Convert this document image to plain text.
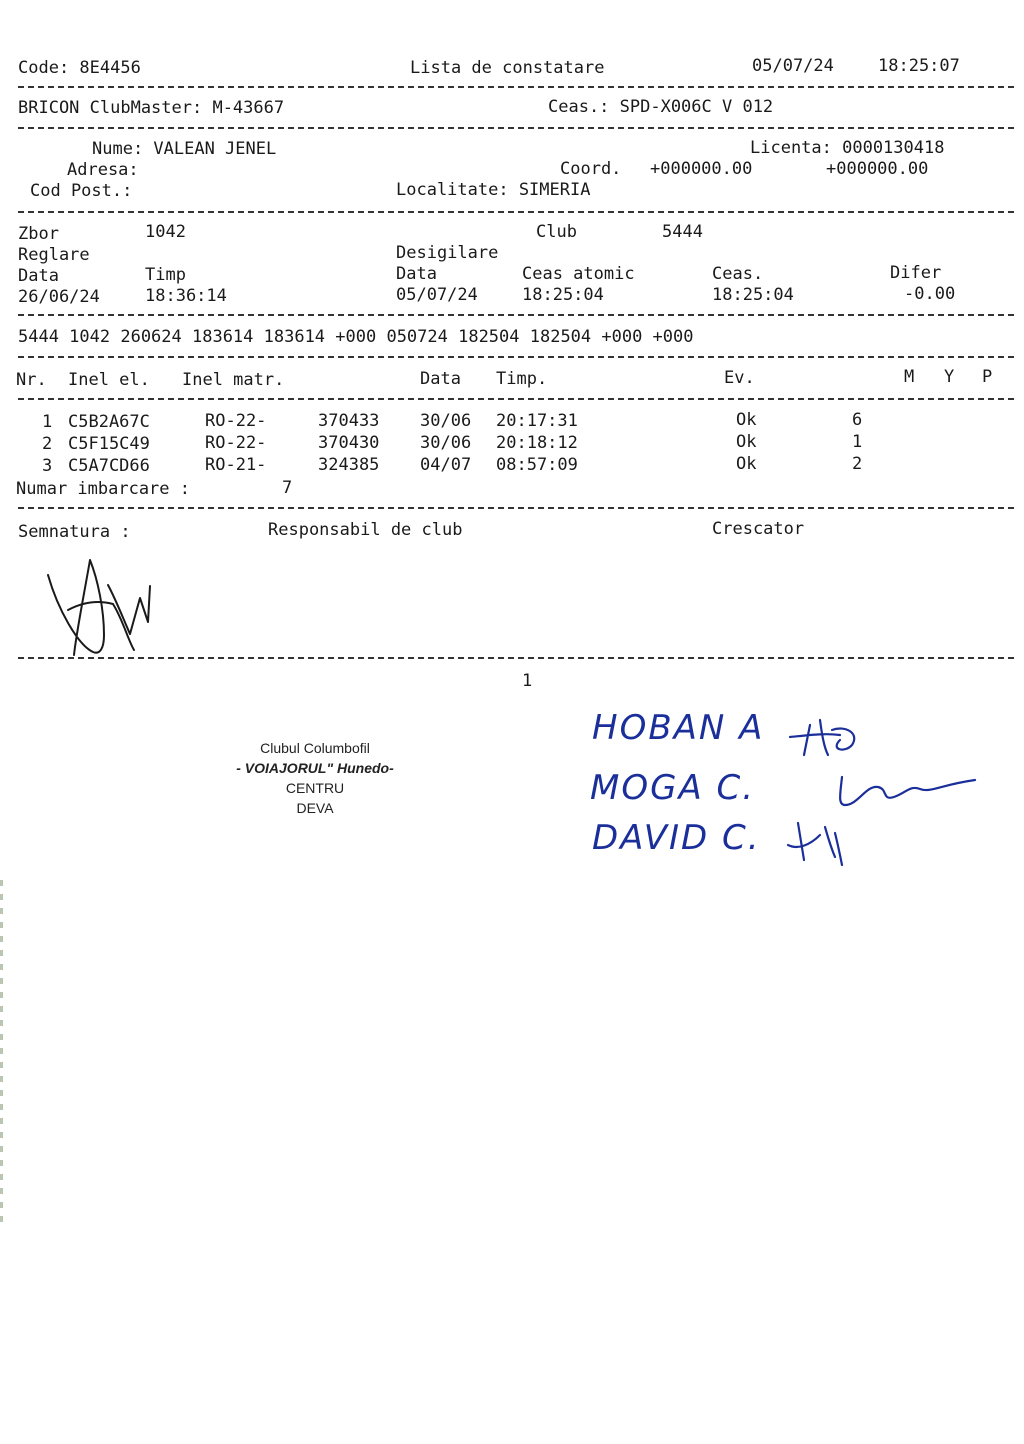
Code: 8E4456	Lista de constatare	05/07/24	18:25:07
BRICON ClubMaster: M-43667	Ceas.: SPD-X006C V 012
Nume: VALEAN JENEL	Licenta: 0000130418
Adresa:	Coord. +000000.00	+000000.00
Cod Post.:	Localitate: SIMERIA
Zbor	1042	Club	5444
Reglare	Desigilare
Data	Timp	Data	Ceas atomic	Ceas.	Difer
26/06/24	18:36:14	05/07/24	18:25:04	18:25:04	-0.00
5444 1042 260624 183614 183614 +000 050724 182504 182504 +000 +000
Nr. Inel el. Inel matr.	Data Timp.	Ev.	M Y P
1 C5B2A67C	RO-22-	370433 30/06 20:17:31	Ok	6
2 C5F15C49	RO-22-	370430 30/06 20:18:12	Ok	1
3 C5A7CD66	RO-21-	324385 04/07 08:57:09	Ok	2
Numar imbarcare :	7
Semnatura :	Responsabil de club	Crescator
1
Clubul Columbofil
- VOIAJORUL" Hunedo-
CENTRU
DEVA
HOBAN A
MOGA C.
DAVID C.
